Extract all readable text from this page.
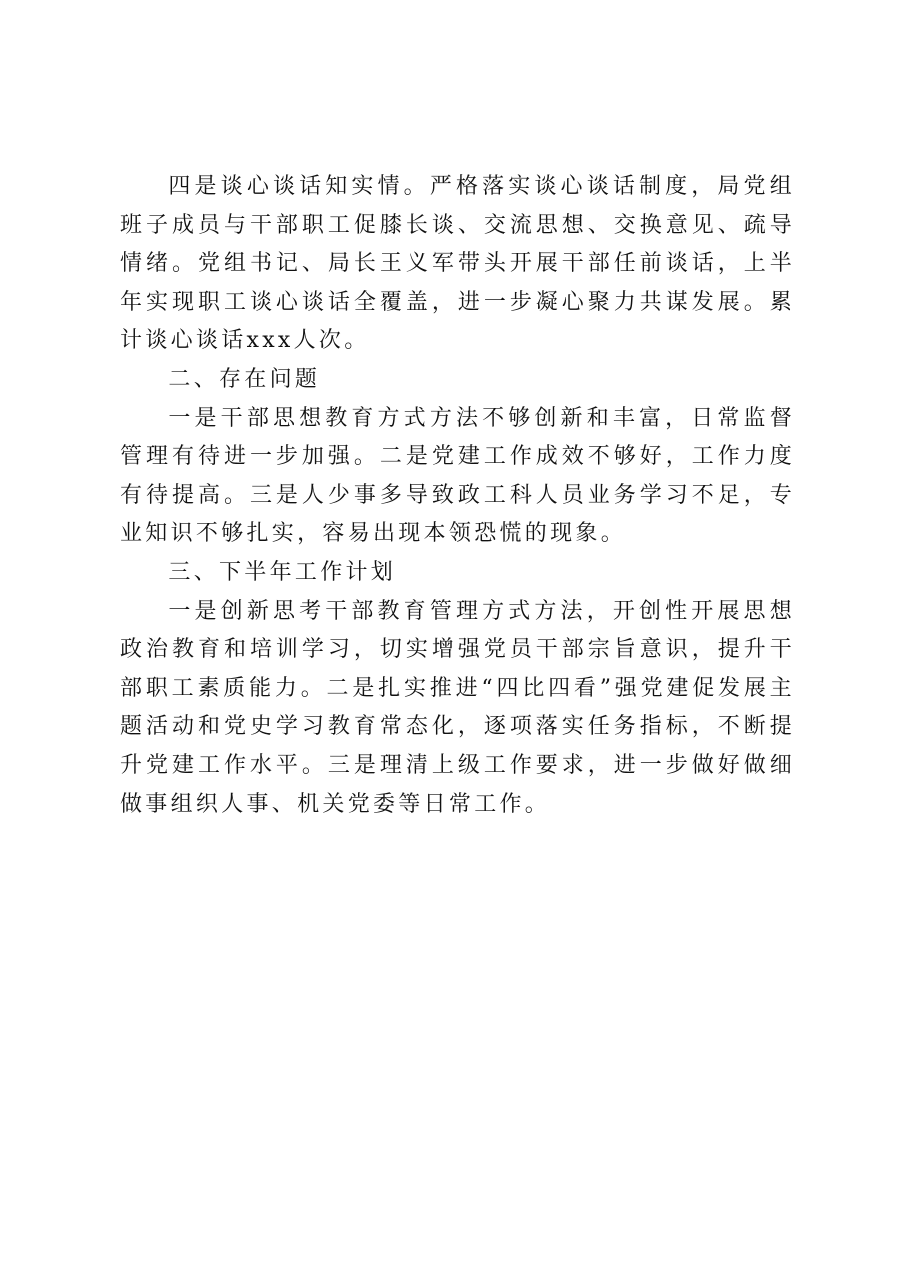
四是谈心谈话知实情。严格落实谈心谈话制度，局党组班子成员与干部职工促膝长谈、交流思想、交换意见、疏导情绪。党组书记、局长王义军带头开展干部任前谈话，上半年实现职工谈心谈话全覆盖，进一步凝心聚力共谋发展。累计谈心谈话xxx人次。

二、存在问题

一是干部思想教育方式方法不够创新和丰富，日常监督管理有待进一步加强。二是党建工作成效不够好，工作力度有待提高。三是人少事多导致政工科人员业务学习不足，专业知识不够扎实，容易出现本领恐慌的现象。

三、下半年工作计划

一是创新思考干部教育管理方式方法，开创性开展思想政治教育和培训学习，切实增强党员干部宗旨意识，提升干部职工素质能力。二是扎实推进“四比四看”强党建促发展主题活动和党史学习教育常态化，逐项落实任务指标，不断提升党建工作水平。三是理清上级工作要求，进一步做好做细做事组织人事、机关党委等日常工作。
